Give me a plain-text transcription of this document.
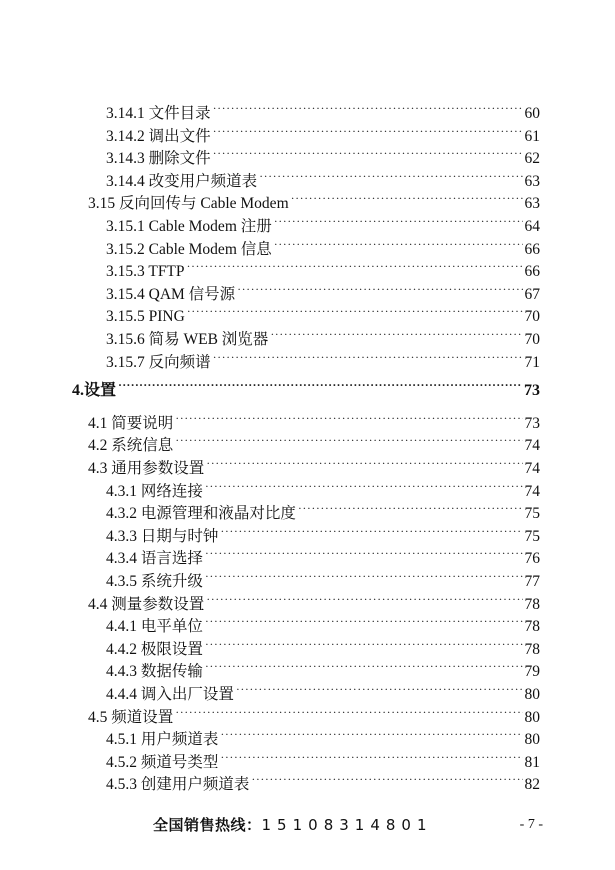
3.14.1 文件目录 ·····	60
3.14.2 调出文件 ·····	61
3.14.3 删除文件 ·····	62
3.14.4 改变用户频道表 ·····	63
3.15 反向回传与 Cable Modem ·····	63
3.15.1 Cable Modem 注册 ·····	64
3.15.2 Cable Modem 信息 ·····	66
3.15.3 TFTP ·····	66
3.15.4 QAM 信号源 ·····	67
3.15.5 PING ·····	70
3.15.6 简易 WEB 浏览器 ·····	70
3.15.7 反向频谱 ·····	71
4.设置 ·····	73
4.1 简要说明 ·····	73
4.2 系统信息 ·····	74
4.3 通用参数设置 ·····	74
4.3.1 网络连接 ·····	74
4.3.2 电源管理和液晶对比度 ·····	75
4.3.3 日期与时钟 ·····	75
4.3.4 语言选择 ·····	76
4.3.5 系统升级 ·····	77
4.4 测量参数设置 ·····	78
4.4.1 电平单位 ·····	78
4.4.2 极限设置 ·····	78
4.4.3 数据传输 ·····	79
4.4.4 调入出厂设置 ·····	80
4.5 频道设置 ·····	80
4.5.1 用户频道表 ·····	80
4.5.2 频道号类型 ·····	81
4.5.3 创建用户频道表 ·····	82
全国销售热线：15108314801	- 7 -
